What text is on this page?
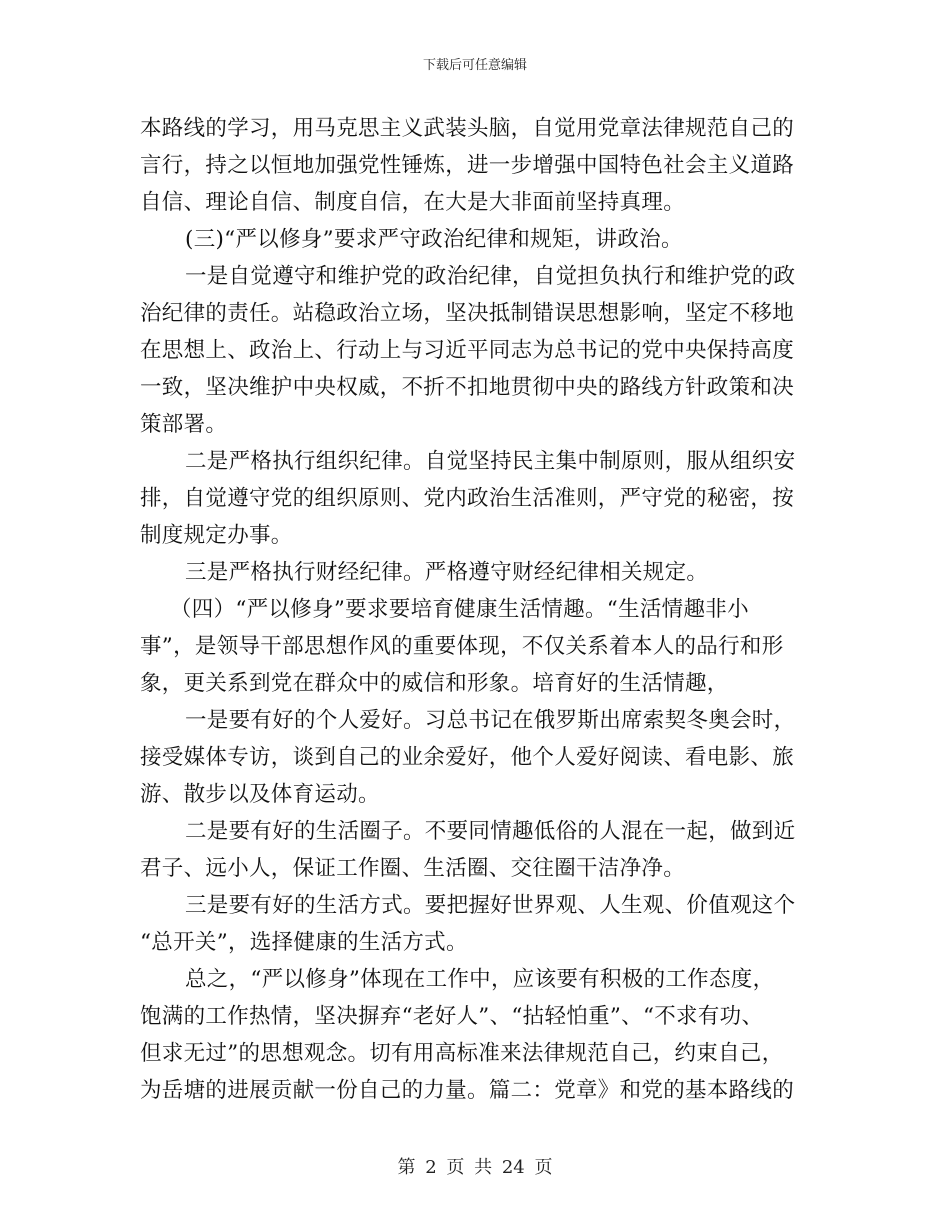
下载后可任意编辑
本路线的学习，用马克思主义武装头脑，自觉用党章法律规范自己的
言行，持之以恒地加强党性锤炼，进一步增强中国特色社会主义道路
自信、理论自信、制度自信，在大是大非面前坚持真理。
(三)“严以修身”要求严守政治纪律和规矩，讲政治。
一是自觉遵守和维护党的政治纪律，自觉担负执行和维护党的政
治纪律的责任。站稳政治立场，坚决抵制错误思想影响，坚定不移地
在思想上、政治上、行动上与习近平同志为总书记的党中央保持高度
一致，坚决维护中央权威，不折不扣地贯彻中央的路线方针政策和决
策部署。
二是严格执行组织纪律。自觉坚持民主集中制原则，服从组织安
排，自觉遵守党的组织原则、党内政治生活准则，严守党的秘密，按
制度规定办事。
三是严格执行财经纪律。严格遵守财经纪律相关规定。
（四）“严以修身”要求要培育健康生活情趣。“生活情趣非小
事”，是领导干部思想作风的重要体现，不仅关系着本人的品行和形
象，更关系到党在群众中的威信和形象。培育好的生活情趣，
一是要有好的个人爱好。习总书记在俄罗斯出席索契冬奥会时，
接受媒体专访，谈到自己的业余爱好，他个人爱好阅读、看电影、旅
游、散步以及体育运动。
二是要有好的生活圈子。不要同情趣低俗的人混在一起，做到近
君子、远小人，保证工作圈、生活圈、交往圈干洁净净。
三是要有好的生活方式。要把握好世界观、人生观、价值观这个
“总开关”，选择健康的生活方式。
总之，“严以修身”体现在工作中，应该要有积极的工作态度，
饱满的工作热情，坚决摒弃“老好人”、“拈轻怕重”、“不求有功、
但求无过”的思想观念。切有用高标准来法律规范自己，约束自己，
为岳塘的进展贡献一份自己的力量。篇二：党章》和党的基本路线的
第 2 页 共 24 页
